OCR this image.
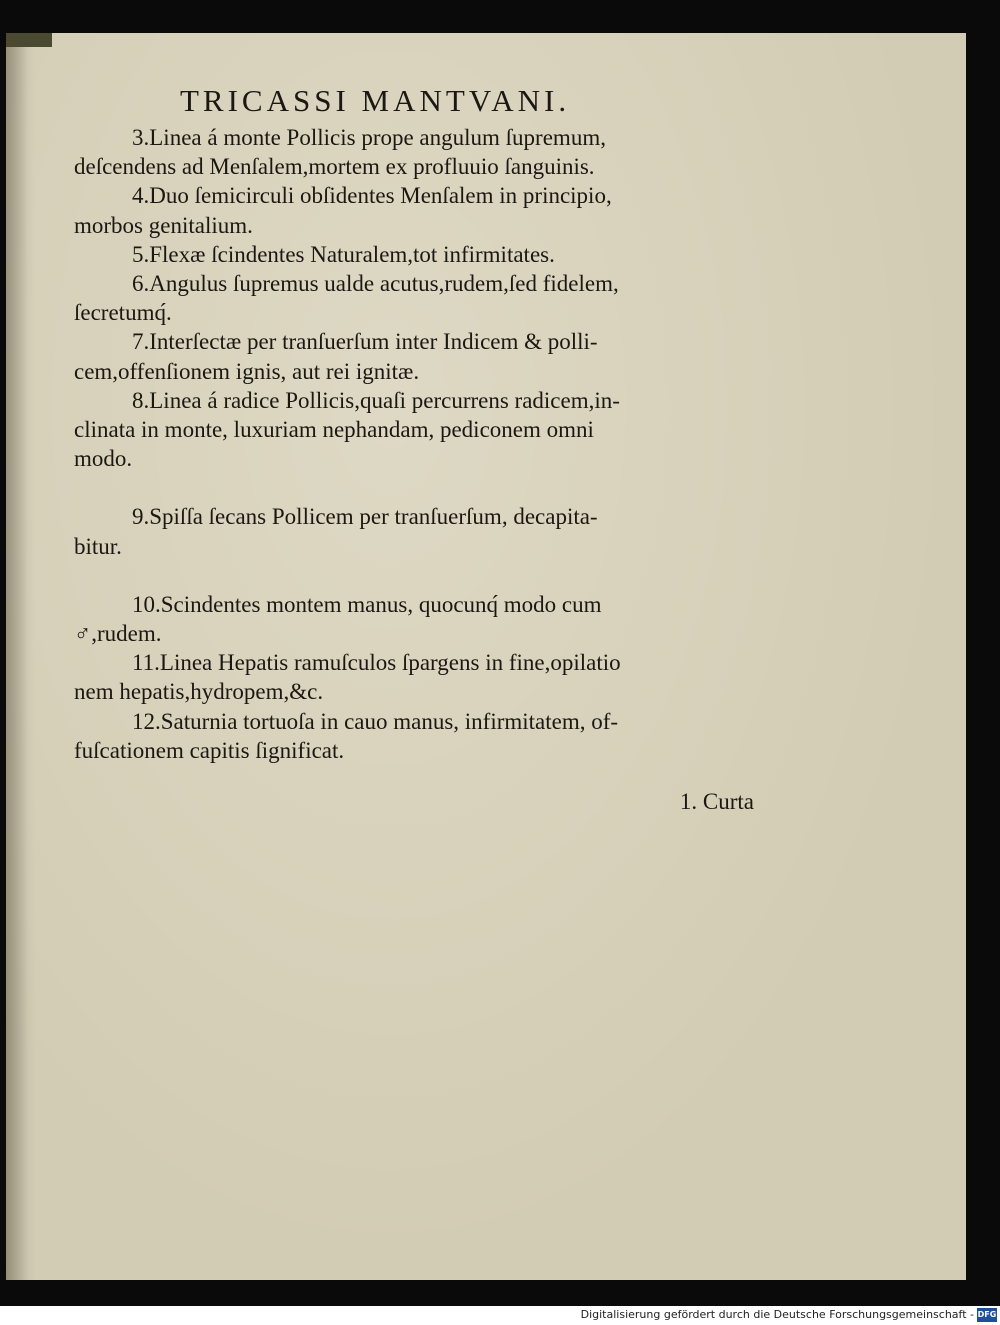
TRICASSI MANTVANI.
3.Linea á monte Pollicis prope angulum ſupremum,
deſcendens ad Menſalem,mortem ex profluuio ſanguinis.
4.Duo ſemicirculi obſidentes Menſalem in principio,
morbos genitalium.
5.Flexæ ſcindentes Naturalem,tot infirmitates.
6.Angulus ſupremus ualde acutus,rudem,ſed fidelem,
ſecretumq́.
7.Interſectæ per tranſuerſum inter Indicem & polli-
cem,offenſionem ignis, aut rei ignitæ.
8.Linea á radice Pollicis,quaſi percurrens radicem,in-
clinata in monte, luxuriam nephandam, pediconem omni
modo.
9.Spiſſa ſecans Pollicem per tranſuerſum, decapita-
bitur.
10.Scindentes montem manus, quocunq́ modo cum
♂,rudem.
11.Linea Hepatis ramuſculos ſpargens in fine,opilatio
nem hepatis,hydropem,&c.
12.Saturnia tortuoſa in cauo manus, infirmitatem, of-
fuſcationem capitis ſignificat.
1. Curta
Digitalisierung gefördert durch die Deutsche Forschungsgemeinschaft - DFG
